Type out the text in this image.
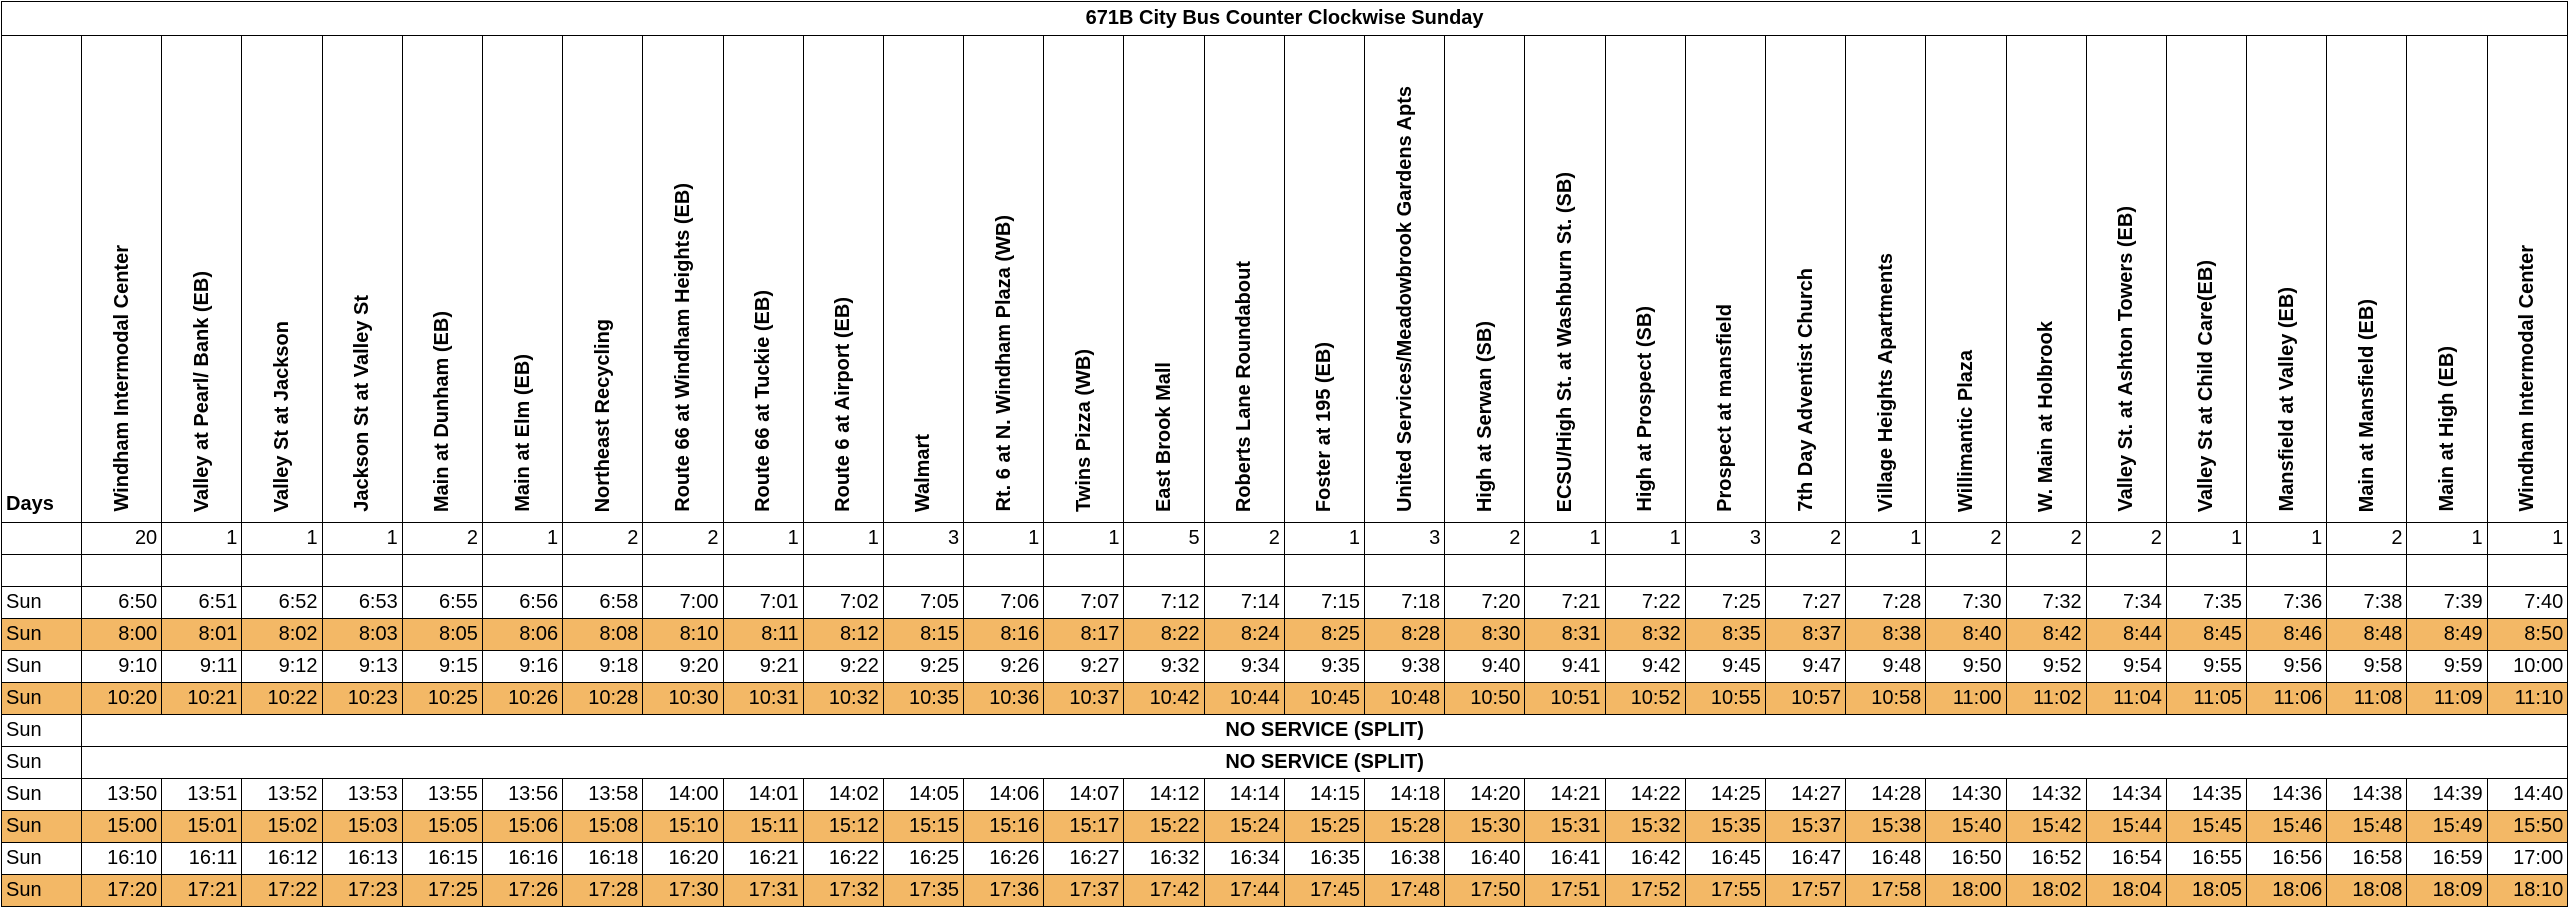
671B City Bus Counter Clockwise Sunday																															
Days	Windham Intermodal Center	Valley at Pearl/ Bank (EB)	Valley St at Jackson	Jackson St at Valley St	Main at Dunham (EB)	Main at Elm (EB)	Northeast Recycling	Route 66 at Windham Heights (EB)	Route 66 at Tuckie (EB)	Route 6 at Airport (EB)	Walmart	Rt. 6 at N. Windham Plaza (WB)	Twins Pizza (WB)	East Brook Mall	Roberts Lane Roundabout	Foster at 195 (EB)	United Services/Meadowbrook Gardens Apts	High at Serwan (SB)	ECSU/High St. at Washburn St. (SB)	High at Prospect (SB)	Prospect at mansfield	7th Day Adventist Church	Village Heights Apartments	Willimantic Plaza	W. Main at Holbrook	Valley St. at Ashton Towers (EB)	Valley St at Child Care(EB)	Mansfield at Valley (EB)	Main at Mansfield (EB)	Main at High (EB)	Windham Intermodal Center

	20	1	1	1	2	1	2	2	1	1	3	1	1	5	2	1	3	2	1	1	3	2	1	2	2	2	1	1	2	1	1

Sun	6:50	6:51	6:52	6:53	6:55	6:56	6:58	7:00	7:01	7:02	7:05	7:06	7:07	7:12	7:14	7:15	7:18	7:20	7:21	7:22	7:25	7:27	7:28	7:30	7:32	7:34	7:35	7:36	7:38	7:39	7:40
Sun	8:00	8:01	8:02	8:03	8:05	8:06	8:08	8:10	8:11	8:12	8:15	8:16	8:17	8:22	8:24	8:25	8:28	8:30	8:31	8:32	8:35	8:37	8:38	8:40	8:42	8:44	8:45	8:46	8:48	8:49	8:50
Sun	9:10	9:11	9:12	9:13	9:15	9:16	9:18	9:20	9:21	9:22	9:25	9:26	9:27	9:32	9:34	9:35	9:38	9:40	9:41	9:42	9:45	9:47	9:48	9:50	9:52	9:54	9:55	9:56	9:58	9:59	10:00
Sun	10:20	10:21	10:22	10:23	10:25	10:26	10:28	10:30	10:31	10:32	10:35	10:36	10:37	10:42	10:44	10:45	10:48	10:50	10:51	10:52	10:55	10:57	10:58	11:00	11:02	11:04	11:05	11:06	11:08	11:09	11:10
Sun	NO SERVICE (SPLIT)																														
Sun	NO SERVICE (SPLIT)																														
Sun	13:50	13:51	13:52	13:53	13:55	13:56	13:58	14:00	14:01	14:02	14:05	14:06	14:07	14:12	14:14	14:15	14:18	14:20	14:21	14:22	14:25	14:27	14:28	14:30	14:32	14:34	14:35	14:36	14:38	14:39	14:40
Sun	15:00	15:01	15:02	15:03	15:05	15:06	15:08	15:10	15:11	15:12	15:15	15:16	15:17	15:22	15:24	15:25	15:28	15:30	15:31	15:32	15:35	15:37	15:38	15:40	15:42	15:44	15:45	15:46	15:48	15:49	15:50
Sun	16:10	16:11	16:12	16:13	16:15	16:16	16:18	16:20	16:21	16:22	16:25	16:26	16:27	16:32	16:34	16:35	16:38	16:40	16:41	16:42	16:45	16:47	16:48	16:50	16:52	16:54	16:55	16:56	16:58	16:59	17:00
Sun	17:20	17:21	17:22	17:23	17:25	17:26	17:28	17:30	17:31	17:32	17:35	17:36	17:37	17:42	17:44	17:45	17:48	17:50	17:51	17:52	17:55	17:57	17:58	18:00	18:02	18:04	18:05	18:06	18:08	18:09	18:10
